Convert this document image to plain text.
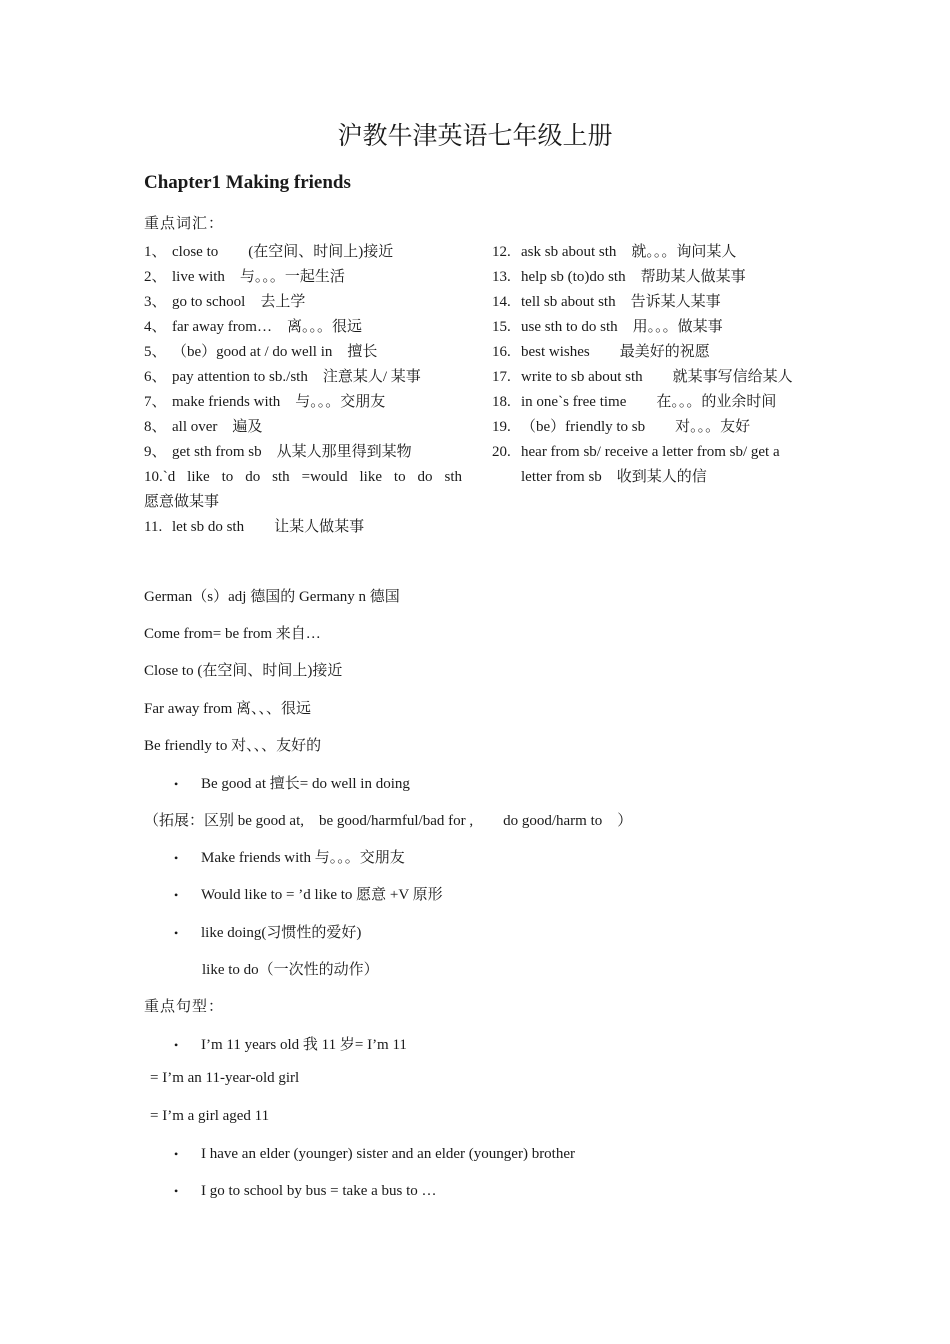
沪教牛津英语七年级上册
Chapter1 Making friends
重点词汇：
1、 close to　　(在空间、时间上)接近
2、 live with　与。。。一起生活
3、 go to school　去上学
4、 far away from…　离。。。很远
5、 （be）good at / do well in　擅长
6、 pay attention to sb./sth　注意某人/ 某事
7、 make friends with　与。。。交朋友
8、 all over　遍及
9、 get sth from sb　从某人那里得到某物
10.`d like to do sth =would like to do sth
愿意做某事
11. let sb do sth　　让某人做某事
12. ask sb about sth　就。。。询问某人
13. help sb (to)do sth　帮助某人做某事
14. tell sb about sth　告诉某人某事
15. use sth to do sth　用。。。做某事
16. best wishes　　最美好的祝愿
17. write to sb about sth　　就某事写信给某人
18. in one`s free time　　在。。。的业余时间
19. （be）friendly to sb　　对。。。友好
20. hear from sb/ receive a letter from sb/ get a letter from sb　收到某人的信
German（s）adj 德国的 Germany n 德国
Come from= be from 来自…
Close to (在空间、时间上)接近
Far away from 离、、、很远
Be friendly to 对、、、友好的
• Be good at 擅长= do well in doing
（拓展：区别 be good at,　be good/harmful/bad for ,　　do good/harm to　）
• Make friends with 与。。。交朋友
• Would like to = ’d like to 愿意 +V 原形
• like doing(习惯性的爱好)
like to do（一次性的动作）
重点句型：
• I’m 11 years old 我 11 岁= I’m 11
= I’m an 11-year-old girl
= I’m a girl aged 11
• I have an elder (younger) sister and an elder (younger) brother
• I go to school by bus = take a bus to …
